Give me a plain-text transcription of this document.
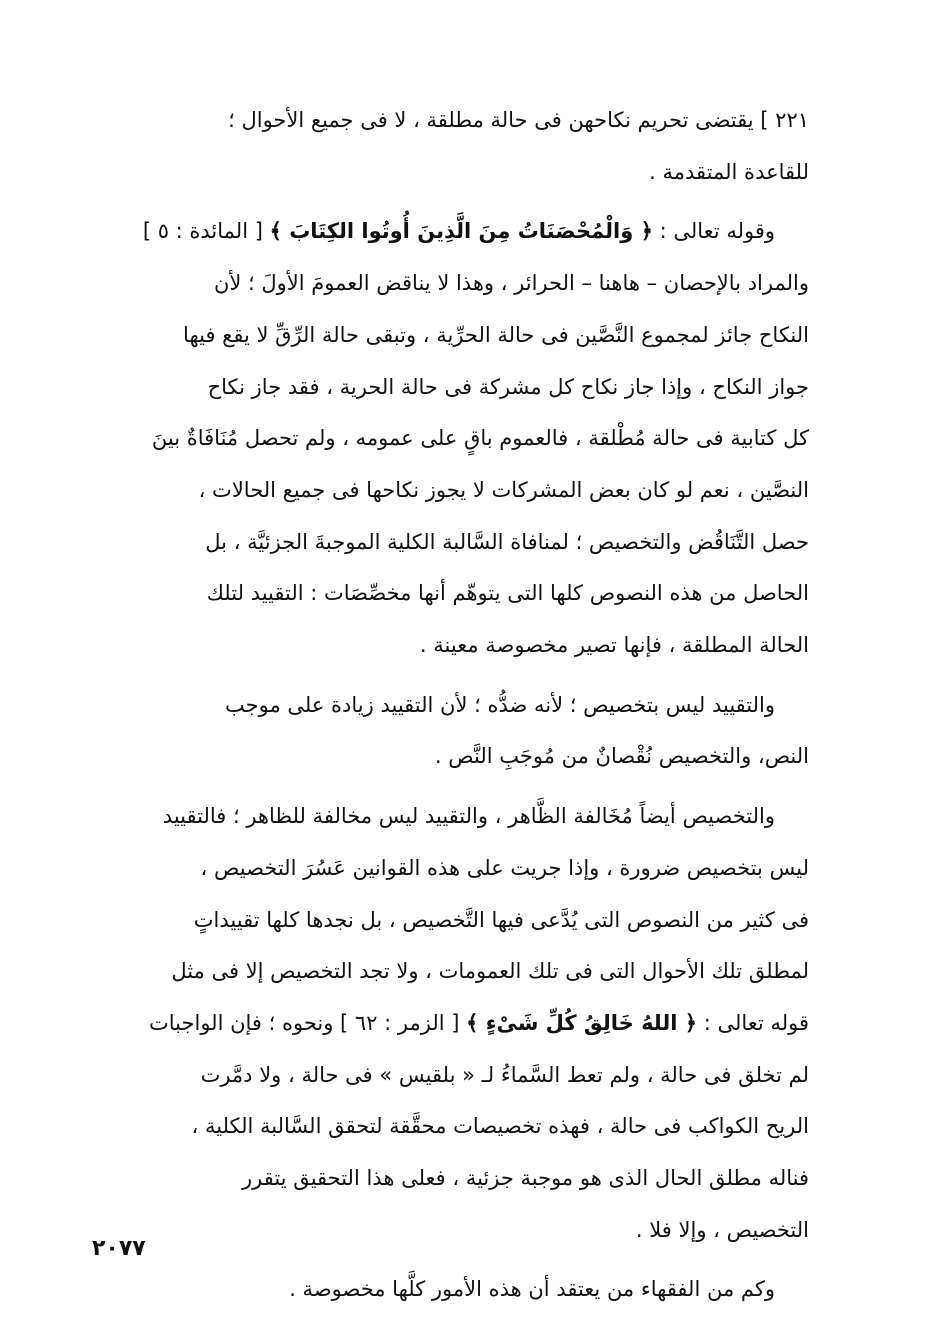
٢٢١ ] يقتضى تحريم نكاحهن فى حالة مطلقة ، لا فى جميع الأحوال ؛
للقاعدة المتقدمة .

وقوله تعالى : ﴿ وَالْمُحْصَنَاتُ مِنَ الَّذِينَ أُوتُوا الكِتَابَ ﴾ [ المائدة : ٥ ]
والمراد بالإحصان – هاهنا – الحرائر ، وهذا لا يناقض العمومَ الأولَ ؛ لأن
النكاح جائز لمجموع النَّصَّين فى حالة الحرِّية ، وتبقى حالة الرِّقِّ لا يقع فيها
جواز النكاح ، وإذا جاز نكاح كل مشركة فى حالة الحرية ، فقد جاز نكاح
كل كتابية فى حالة مُطْلقة ، فالعموم باقٍ على عمومه ، ولم تحصل مُنَافَاةٌ بينَ
النصَّين ، نعم لو كان بعض المشركات لا يجوز نكاحها فى جميع الحالات ،
حصل التَّنَاقُض والتخصيص ؛ لمنافاة السَّالبة الكلية الموجبةَ الجزئيَّة ، بل
الحاصل من هذه النصوص كلها التى يتوهّم أنها مخصِّصَات : التقييد لتلك
الحالة المطلقة ، فإنها تصير مخصوصة معينة .

والتقييد ليس بتخصيص ؛ لأنه ضدُّه ؛ لأن التقييد زيادة على موجب
النص، والتخصيص نُقْصانٌ من مُوجَبِ النَّص .

والتخصيص أيضاً مُخَالفة الظَّاهر ، والتقييد ليس مخالفة للظاهر ؛ فالتقييد
ليس بتخصيص ضرورة ، وإذا جريت على هذه القوانين عَسُرَ التخصيص ،
فى كثير من النصوص التى يُدَّعى فيها التَّخصيص ، بل نجدها كلها تقييداتٍ
لمطلق تلك الأحوال التى فى تلك العمومات ، ولا تجد التخصيص إلا فى مثل
قوله تعالى : ﴿ اللهُ خَالِقُ كُلِّ شَىْءٍ ﴾ [ الزمر : ٦٢ ] ونحوه ؛ فإن الواجبات
لم تخلق فى حالة ، ولم تعط السَّماءُ لـ « بلقيس » فى حالة ، ولا دمَّرت
الريح الكواكب فى حالة ، فهذه تخصيصات محقَّقة لتحقق السَّالبة الكلية ،
فناله مطلق الحال الذى هو موجبة جزئية ، فعلى هذا التحقيق يتقرر
التخصيص ، وإلا فلا .

وكم من الفقهاء من يعتقد أن هذه الأمور كلَّها مخصوصة .

٢٠٧٧
